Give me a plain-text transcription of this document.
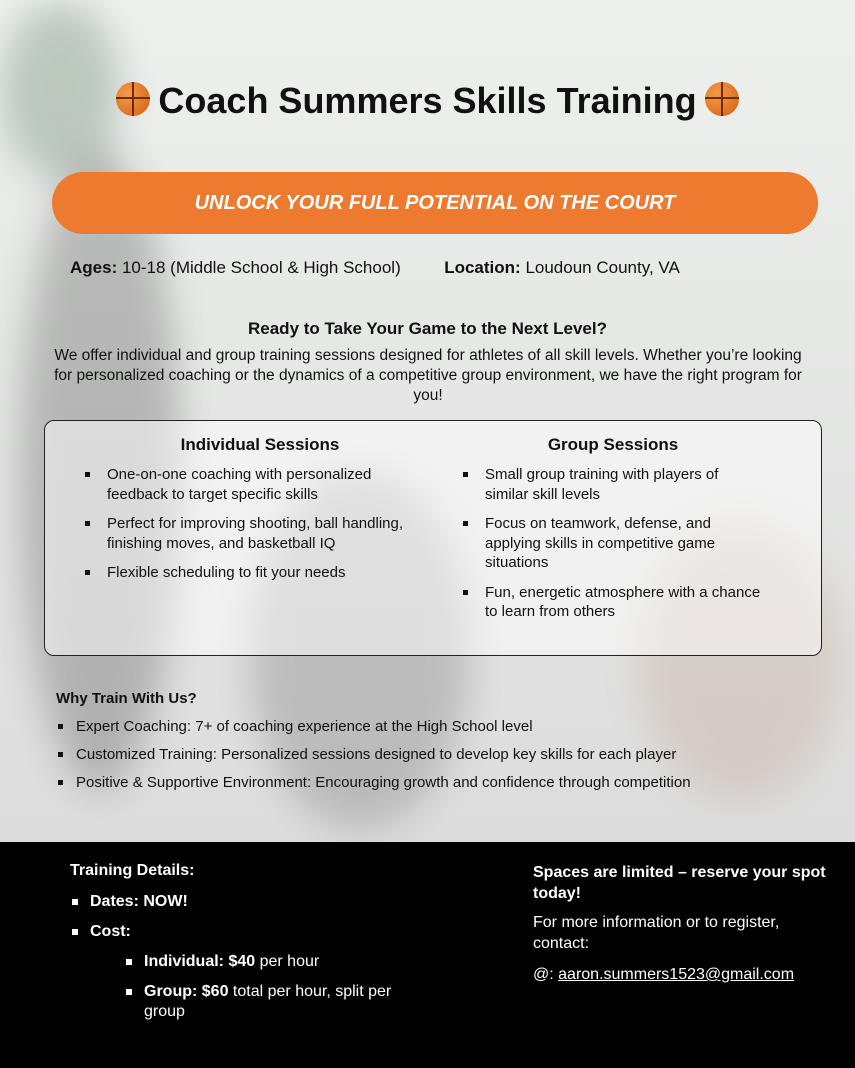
Coach Summers Skills Training
UNLOCK YOUR FULL POTENTIAL ON THE COURT
Ages: 10-18 (Middle School & High School)	Location: Loudoun County, VA
Ready to Take Your Game to the Next Level?
We offer individual and group training sessions designed for athletes of all skill levels. Whether you’re looking for personalized coaching or the dynamics of a competitive group environment, we have the right program for you!
Individual Sessions
One-on-one coaching with personalized feedback to target specific skills
Perfect for improving shooting, ball handling, finishing moves, and basketball IQ
Flexible scheduling to fit your needs
Group Sessions
Small group training with players of similar skill levels
Focus on teamwork, defense, and applying skills in competitive game situations
Fun, energetic atmosphere with a chance to learn from others
Why Train With Us?
Expert Coaching: 7+ of coaching experience at the High School level
Customized Training: Personalized sessions designed to develop key skills for each player
Positive & Supportive Environment: Encouraging growth and confidence through competition
Training Details:
Dates: NOW!
Cost:
Individual: $40 per hour
Group: $60 total per hour, split per group
Spaces are limited – reserve your spot today!
For more information or to register, contact:
@: aaron.summers1523@gmail.com
